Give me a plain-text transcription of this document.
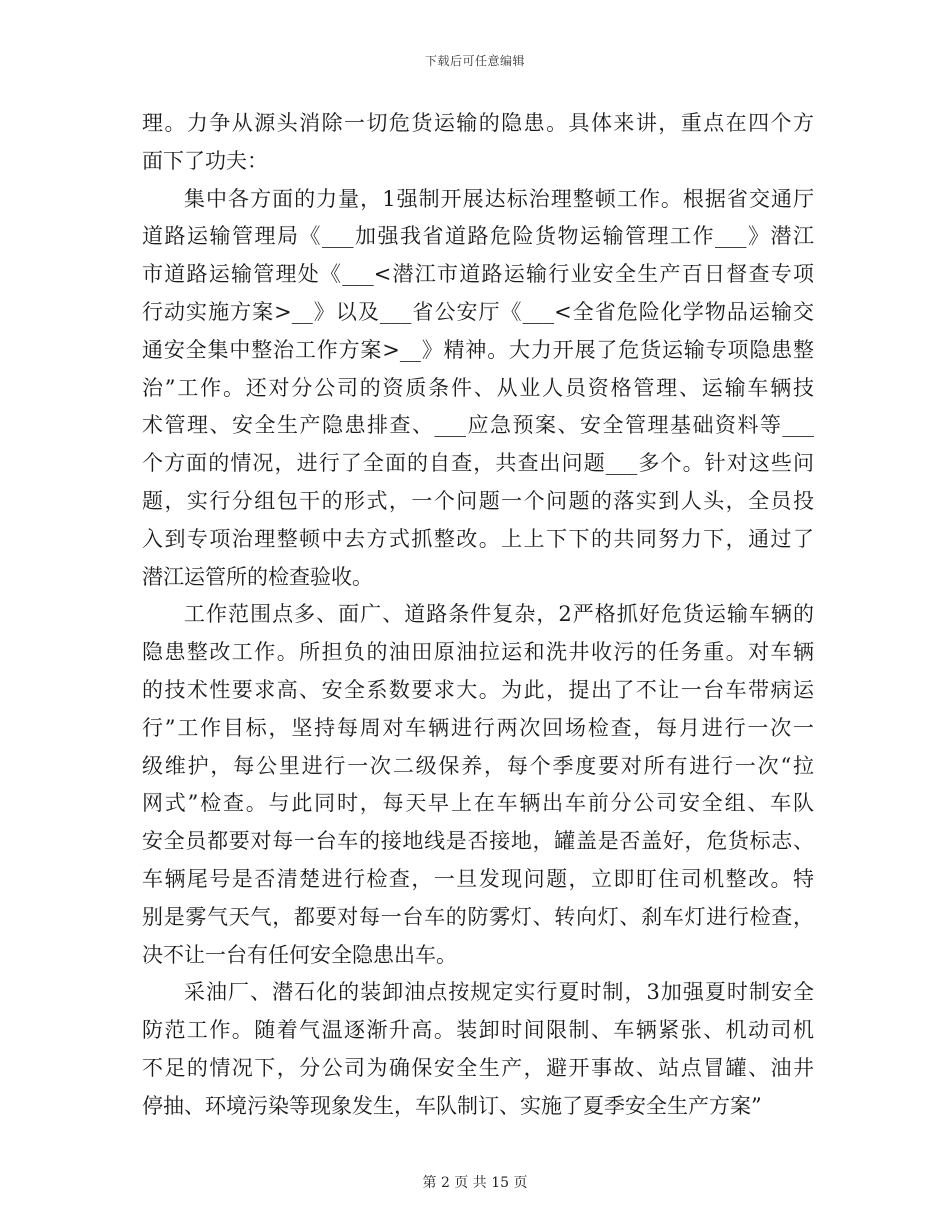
下载后可任意编辑
理。力争从源头消除一切危货运输的隐患。具体来讲，重点在四个方
面下了功夫：
集中各方面的力量，1强制开展达标治理整顿工作。根据省交通厅
道路运输管理局《___加强我省道路危险货物运输管理工作___》潜江
市道路运输管理处《___<潜江市道路运输行业安全生产百日督查专项
行动实施方案>__》以及___省公安厅《___<全省危险化学物品运输交
通安全集中整治工作方案>__》精神。大力开展了危货运输专项隐患整
治”工作。还对分公司的资质条件、从业人员资格管理、运输车辆技
术管理、安全生产隐患排查、___应急预案、安全管理基础资料等___
个方面的情况，进行了全面的自查，共查出问题___多个。针对这些问
题，实行分组包干的形式，一个问题一个问题的落实到人头，全员投
入到专项治理整顿中去方式抓整改。上上下下的共同努力下，通过了
潜江运管所的检查验收。
工作范围点多、面广、道路条件复杂，2严格抓好危货运输车辆的
隐患整改工作。所担负的油田原油拉运和洗井收污的任务重。对车辆
的技术性要求高、安全系数要求大。为此，提出了不让一台车带病运
行”工作目标，坚持每周对车辆进行两次回场检查，每月进行一次一
级维护，每公里进行一次二级保养，每个季度要对所有进行一次“拉
网式”检查。与此同时，每天早上在车辆出车前分公司安全组、车队
安全员都要对每一台车的接地线是否接地，罐盖是否盖好，危货标志、
车辆尾号是否清楚进行检查，一旦发现问题，立即盯住司机整改。特
别是雾气天气，都要对每一台车的防雾灯、转向灯、刹车灯进行检查，
决不让一台有任何安全隐患出车。
采油厂、潜石化的装卸油点按规定实行夏时制，3加强夏时制安全
防范工作。随着气温逐渐升高。装卸时间限制、车辆紧张、机动司机
不足的情况下，分公司为确保安全生产，避开事故、站点冒罐、油井
停抽、环境污染等现象发生，车队制订、实施了夏季安全生产方案”
第 2 页 共 15 页
